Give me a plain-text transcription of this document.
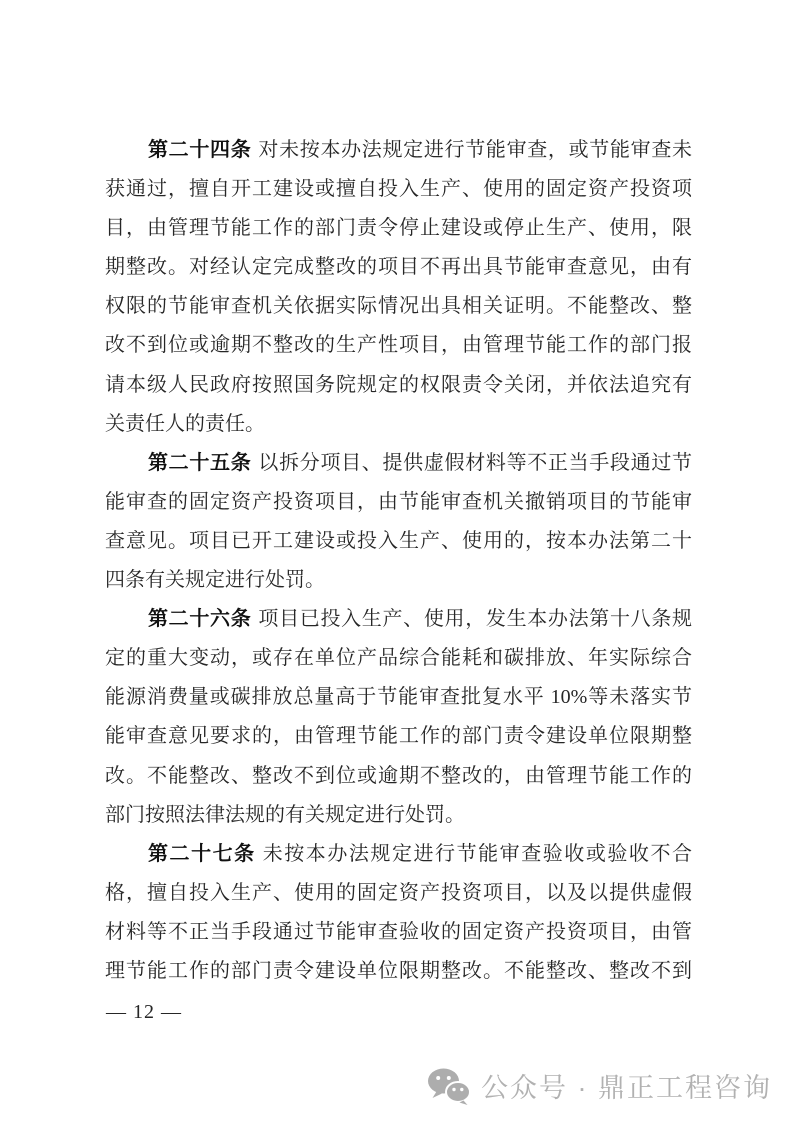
第二十四条 对未按本办法规定进行节能审查，或节能审查未
获通过，擅自开工建设或擅自投入生产、使用的固定资产投资项
目，由管理节能工作的部门责令停止建设或停止生产、使用，限
期整改。对经认定完成整改的项目不再出具节能审查意见，由有
权限的节能审查机关依据实际情况出具相关证明。不能整改、整
改不到位或逾期不整改的生产性项目，由管理节能工作的部门报
请本级人民政府按照国务院规定的权限责令关闭，并依法追究有
关责任人的责任。
第二十五条 以拆分项目、提供虚假材料等不正当手段通过节
能审查的固定资产投资项目，由节能审查机关撤销项目的节能审
查意见。项目已开工建设或投入生产、使用的，按本办法第二十
四条有关规定进行处罚。
第二十六条 项目已投入生产、使用，发生本办法第十八条规
定的重大变动，或存在单位产品综合能耗和碳排放、年实际综合
能源消费量或碳排放总量高于节能审查批复水平 10%等未落实节
能审查意见要求的，由管理节能工作的部门责令建设单位限期整
改。不能整改、整改不到位或逾期不整改的，由管理节能工作的
部门按照法律法规的有关规定进行处罚。
第二十七条 未按本办法规定进行节能审查验收或验收不合
格，擅自投入生产、使用的固定资产投资项目，以及以提供虚假
材料等不正当手段通过节能审查验收的固定资产投资项目，由管
理节能工作的部门责令建设单位限期整改。不能整改、整改不到
— 12 —
公众号 · 鼎正工程咨询
